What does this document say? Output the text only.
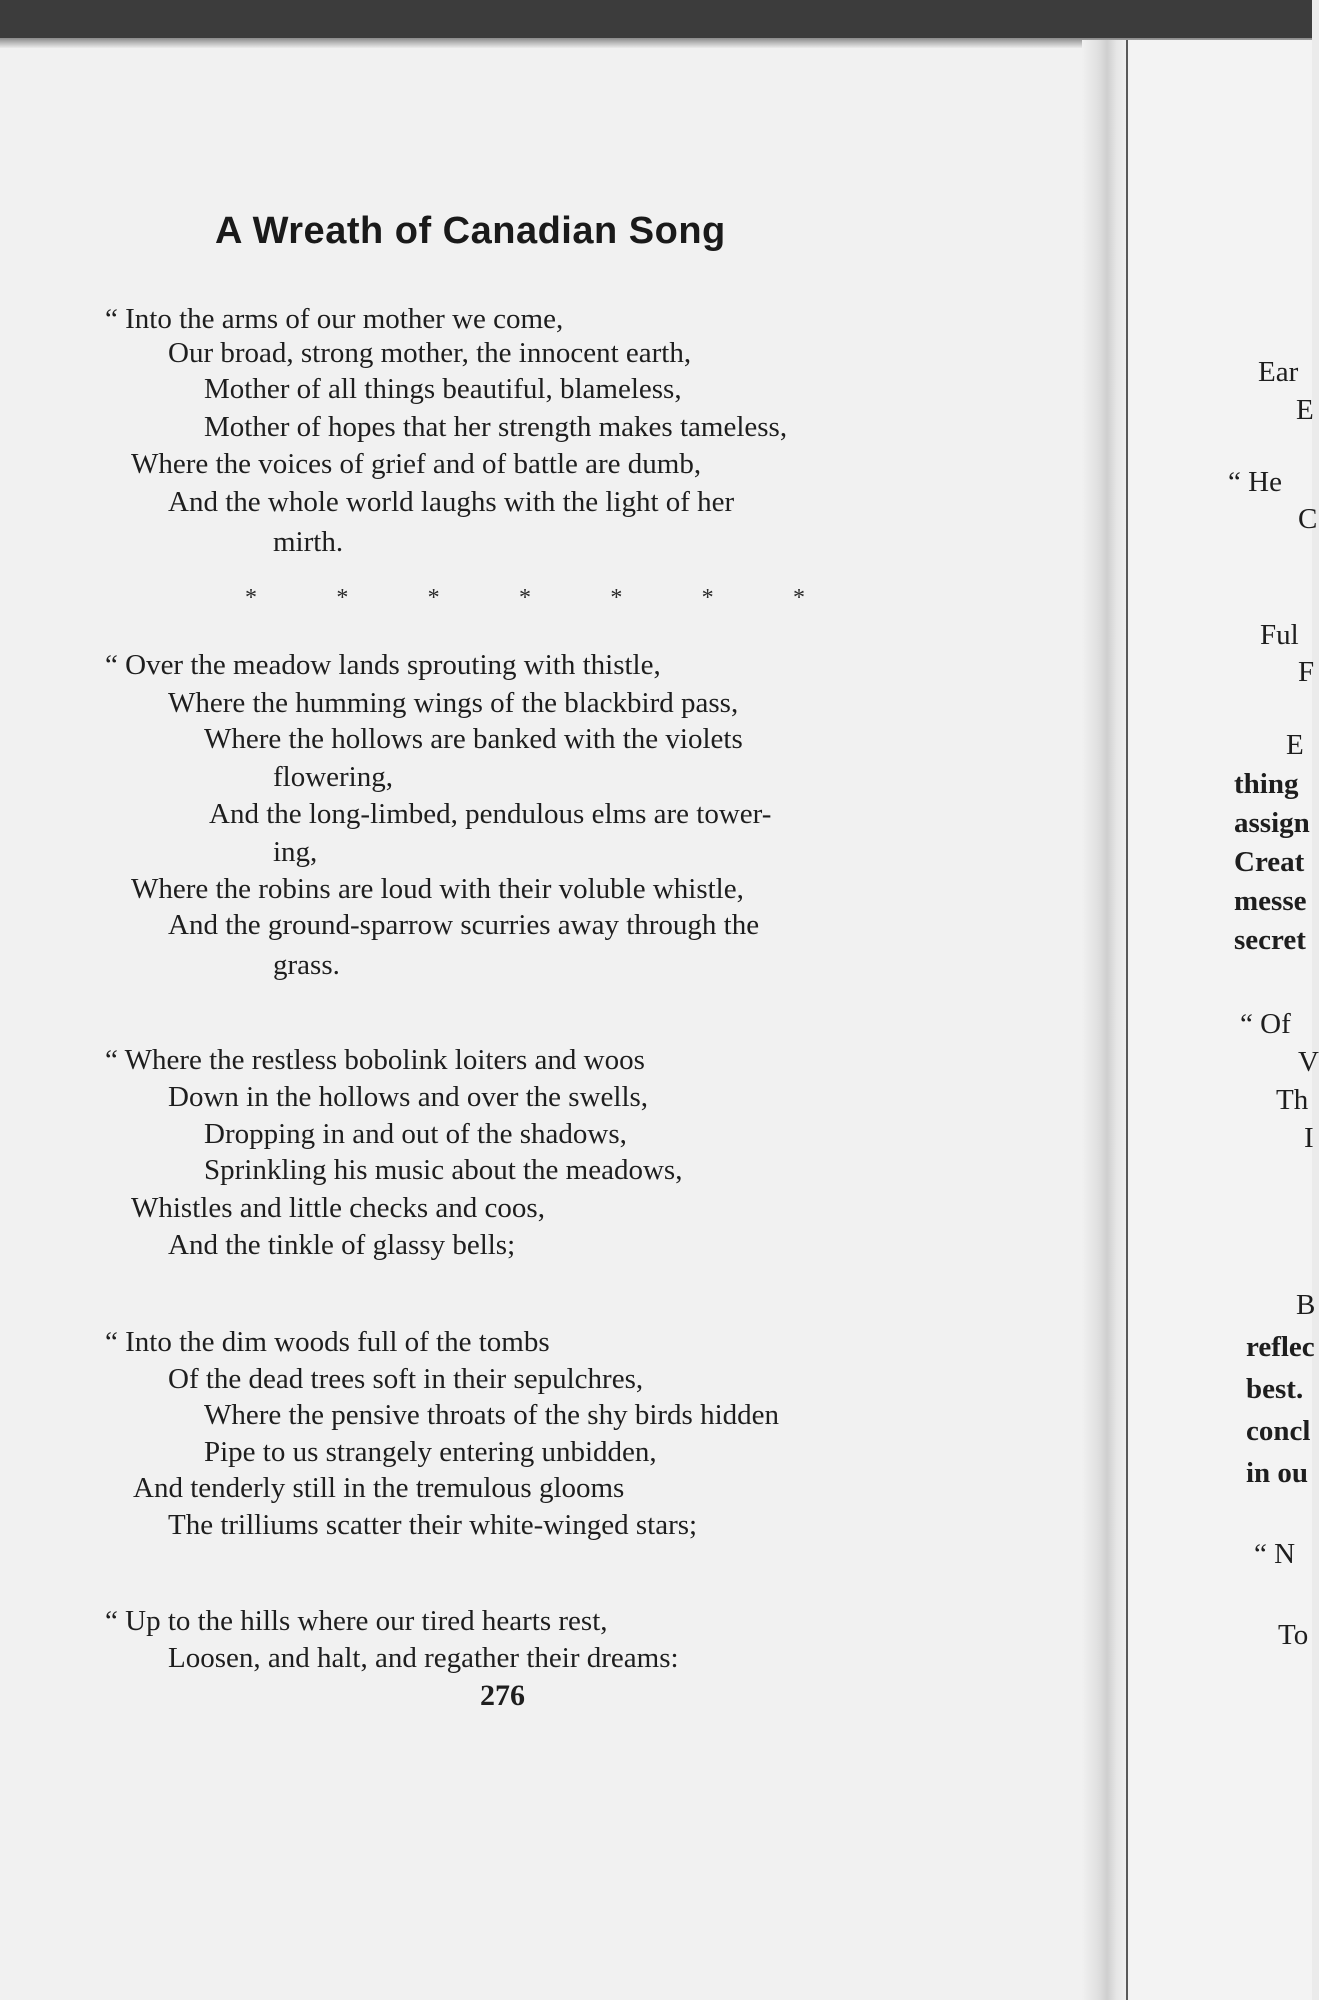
A Wreath of Canadian Song
“ Into the arms of our mother we come,
Our broad, strong mother, the innocent earth,
Mother of all things beautiful, blameless,
Mother of hopes that her strength makes tameless,
Where the voices of grief and of battle are dumb,
And the whole world laughs with the light of her
mirth.
*	*	*	*	*	*	*
“ Over the meadow lands sprouting with thistle,
Where the humming wings of the blackbird pass,
Where the hollows are banked with the violets
flowering,
And the long-limbed, pendulous elms are tower-
ing,
Where the robins are loud with their voluble whistle,
And the ground-sparrow scurries away through the
grass.
“ Where the restless bobolink loiters and woos
Down in the hollows and over the swells,
Dropping in and out of the shadows,
Sprinkling his music about the meadows,
Whistles and little checks and coos,
And the tinkle of glassy bells;
“ Into the dim woods full of the tombs
Of the dead trees soft in their sepulchres,
Where the pensive throats of the shy birds hidden
Pipe to us strangely entering unbidden,
And tenderly still in the tremulous glooms
The trilliums scatter their white-winged stars;
“ Up to the hills where our tired hearts rest,
Loosen, and halt, and regather their dreams:
276
Ear
E
“ He
C
Ful
F
E
thing
assign
Creat
messe
secret
“ Of
V
Th
I
B
reflec
best.
concl
in ou
“ N
To
